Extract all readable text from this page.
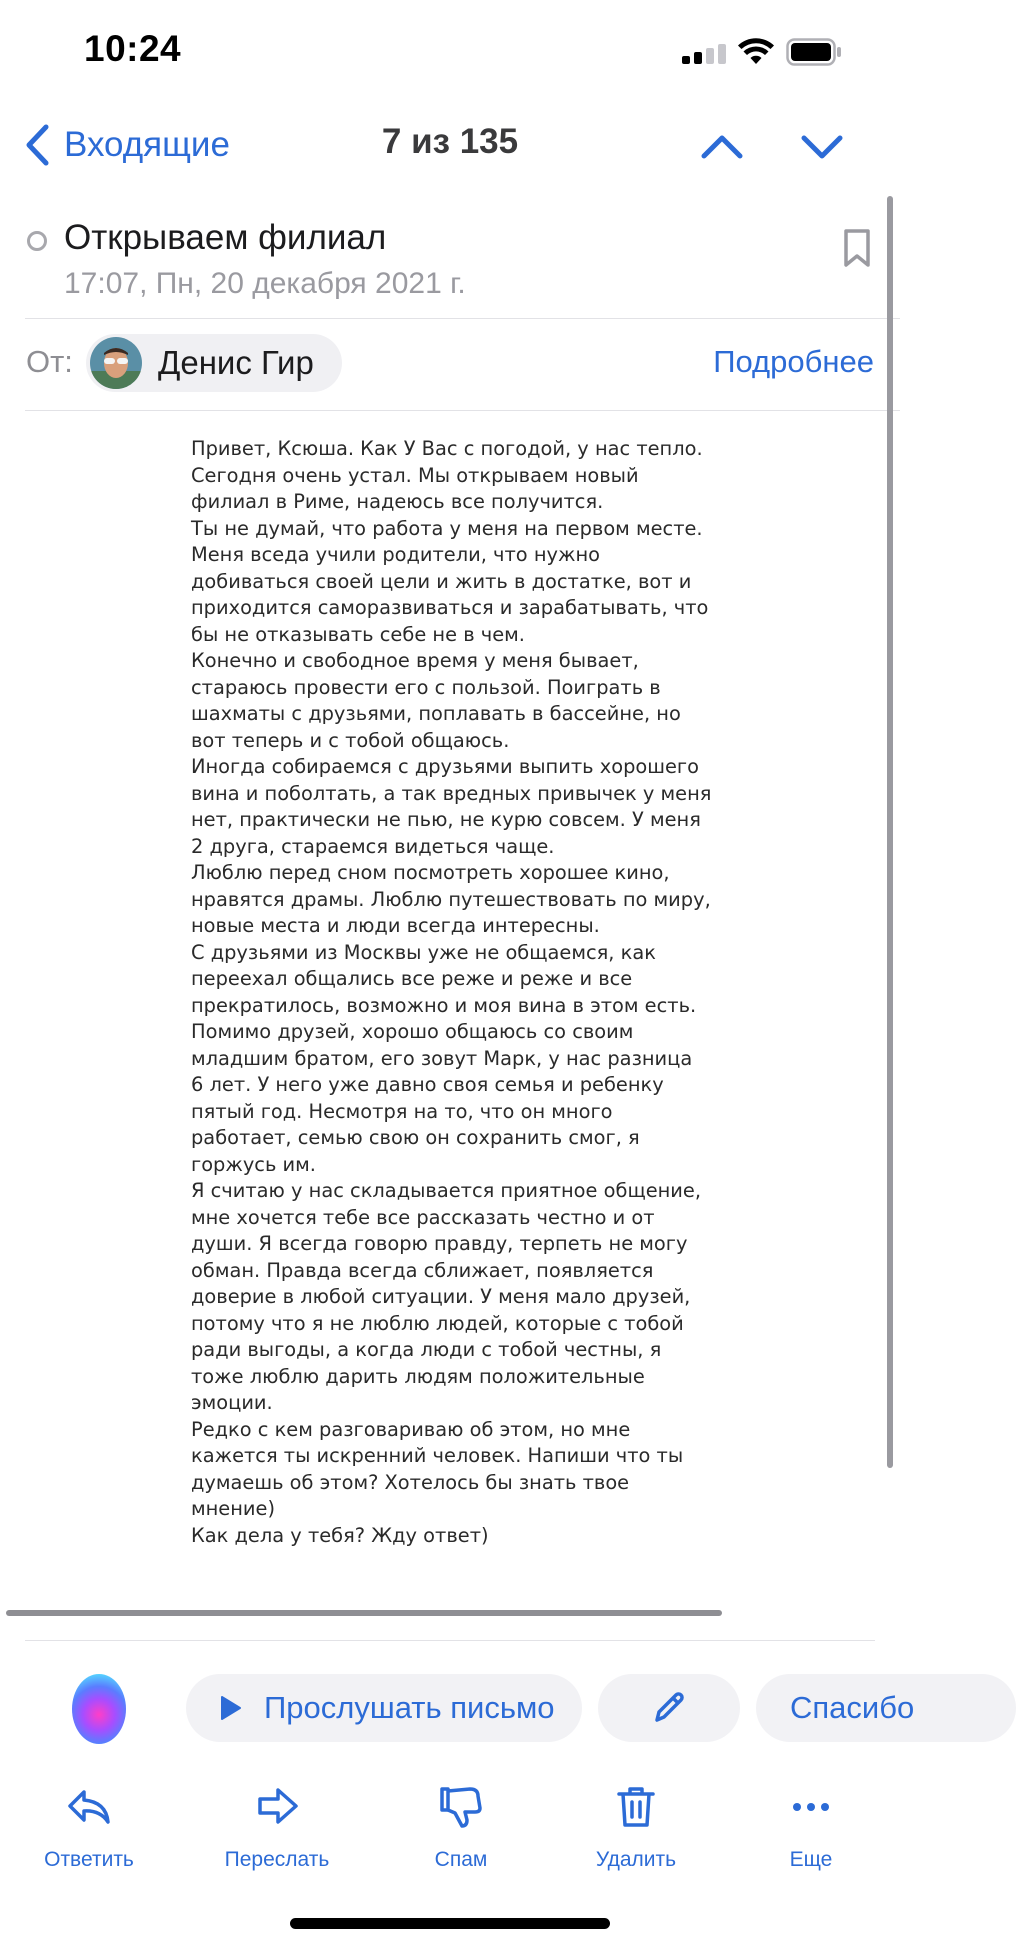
10:24
Входящие	7 из 135
Открываем филиал
17:07, Пн, 20 декабря 2021 г.
От:	Денис Гир	Подробнее

Привет, Ксюша. Как У Вас с погодой, у нас тепло.

Сегодня очень устал. Мы открываем новый

филиал в Риме, надеюсь все получится.

Ты не думай, что работа у меня на первом месте.

Меня вседа учили родители, что нужно

добиваться своей цели и жить в достатке, вот и

приходится саморазвиваться и зарабатывать, что

бы не отказывать себе не в чем.

Конечно и свободное время у меня бывает,

стараюсь провести его с пользой. Поиграть в

шахматы с друзьями, поплавать в бассейне, но

вот теперь и с тобой общаюсь.

Иногда собираемся с друзьями выпить хорошего

вина и поболтать, а так вредных привычек у меня

нет, практически не пью, не курю совсем. У меня

2 друга, стараемся видеться чаще.

Люблю перед сном посмотреть хорошее кино,

нравятся драмы. Люблю путешествовать по миру,

новые места и люди всегда интересны.

С друзьями из Москвы уже не общаемся, как

переехал общались все реже и реже и все

прекратилось, возможно и моя вина в этом есть.

Помимо друзей, хорошо общаюсь со своим

младшим братом, его зовут Марк, у нас разница

6 лет. У него уже давно своя семья и ребенку

пятый год. Несмотря на то, что он много

работает, семью свою он сохранить смог, я

горжусь им.

Я считаю у нас складывается приятное общение,

мне хочется тебе все рассказать честно и от

души. Я всегда говорю правду, терпеть не могу

обман. Правда всегда сближает, появляется

доверие в любой ситуации. У меня мало друзей,

потому что я не люблю людей, которые с тобой

ради выгоды, а когда люди с тобой честны, я

тоже люблю дарить людям положительные

эмоции.

Редко с кем разговариваю об этом, но мне

кажется ты искренний человек. Напиши что ты

думаешь об этом? Хотелось бы знать твое

мнение)

Как дела у тебя? Жду ответ)

Прослушать письмо	Спасибо
Ответить	Переслать	Спам	Удалить	Еще
